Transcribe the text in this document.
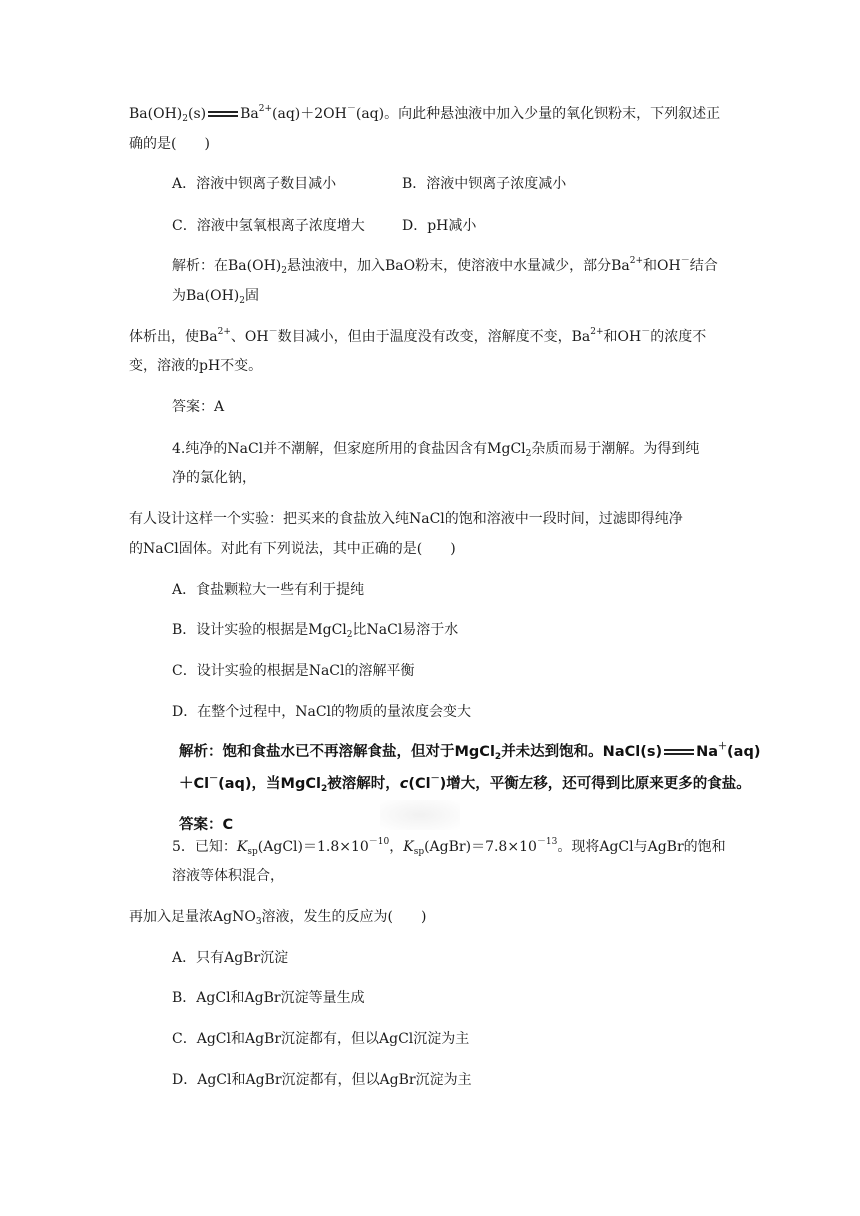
$Ba(OH)_2(s)$ $Ba^{2+}(aq)+2OH^-(aq)$。向此种悬浊液中加入少量的氧化钡粉末，下列叙述正
确的是(　　)
A．溶液中钡离子数目减小	B．溶液中钡离子浓度减小
C．溶液中氢氧根离子浓度增大	D．pH减小
解析：在$Ba(OH)_2$悬浊液中，加入BaO粉末，使溶液中水量减少，部分$Ba^{2+}$和OH－结合
为$Ba(OH)_2$固
体析出，使$Ba^{2+}$、OH－数目减小，但由于温度没有改变，溶解度不变，$Ba^{2+}$和OH－的浓度不
变，溶液的pH不变。
答案：A
4.纯净的NaCl并不潮解，但家庭所用的食盐因含有MgCl$_2$杂质而易于潮解。为得到纯
净的氯化钠，
有人设计这样一个实验：把买来的食盐放入纯NaCl的饱和溶液中一段时间，过滤即得纯净
的NaCl固体。对此有下列说法，其中正确的是(　　)
A．食盐颗粒大一些有利于提纯
B．设计实验的根据是MgCl$_2$比NaCl易溶于水
C．设计实验的根据是NaCl的溶解平衡
D．在整个过程中，NaCl的物质的量浓度会变大
解析：饱和食盐水已不再溶解食盐，但对于MgCl$_2$并未达到饱和。NaCl(s) Na＋(aq)
＋Cl－(aq)，当MgCl$_2$被溶解时，c(Cl－)增大，平衡左移，还可得到比原来更多的食盐。
答案：C
5．已知：$K_{sp}(AgCl)=1.8\times 10^{-10}$，$K_{sp}(AgBr)=7.8\times 10^{-13}$。现将AgCl与AgBr的饱和
溶液等体积混合，
再加入足量浓AgNO$_3$溶液，发生的反应为(　　)
A．只有AgBr沉淀
B．AgCl和AgBr沉淀等量生成
C．AgCl和AgBr沉淀都有，但以AgCl沉淀为主
D．AgCl和AgBr沉淀都有，但以AgBr沉淀为主
